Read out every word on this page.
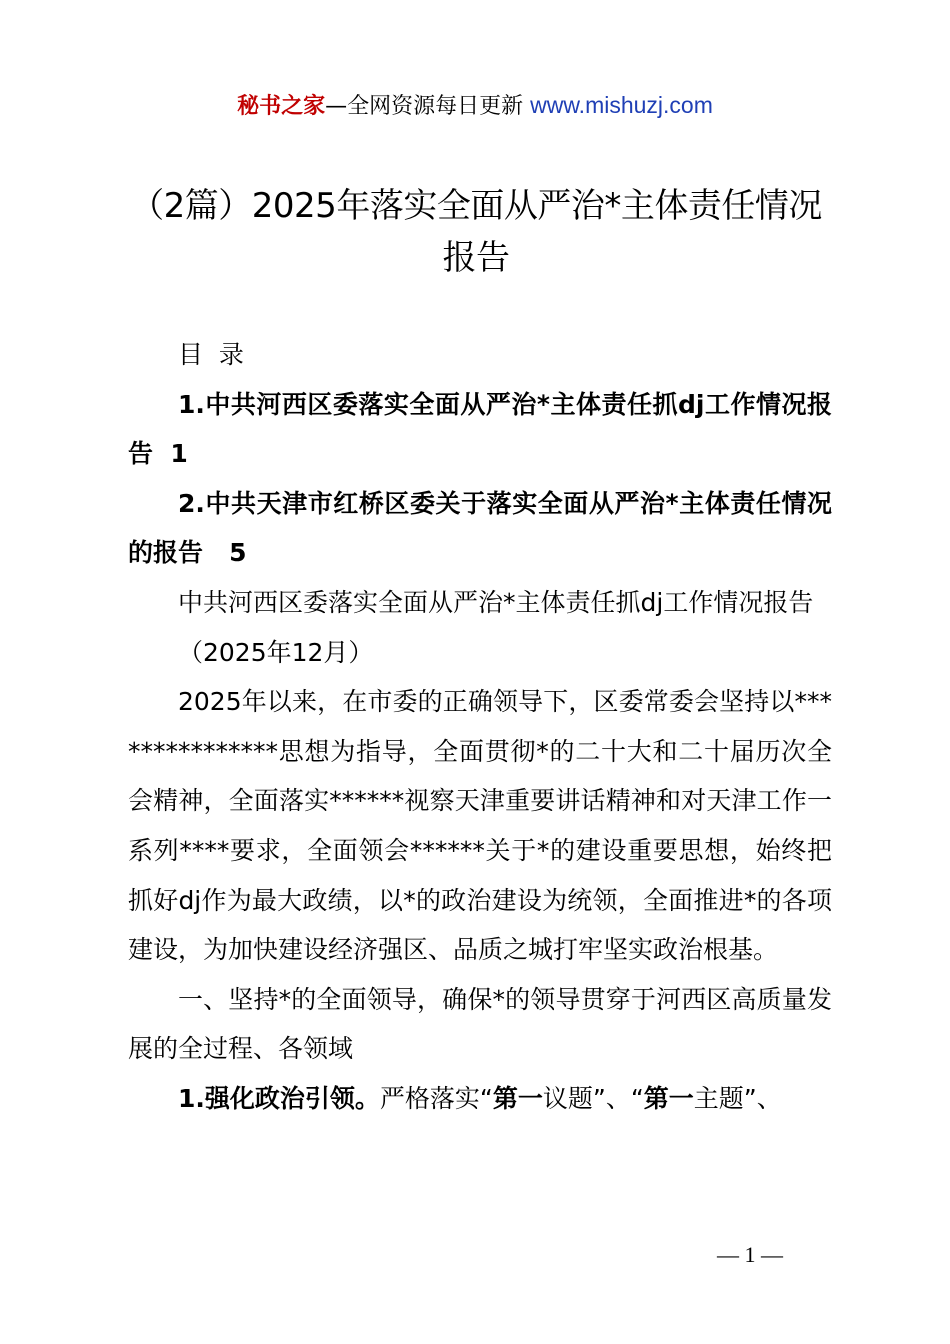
秘书之家—全网资源每日更新 www.mishuzj.com
（2篇）2025年落实全面从严治*主体责任情况报告

目  录

1.中共河西区委落实全面从严治*主体责任抓dj工作情况报告  1

2.中共天津市红桥区委关于落实全面从严治*主体责任情况的报告   5

中共河西区委落实全面从严治*主体责任抓dj工作情况报告

（2025年12月）

2025年以来，在市委的正确领导下，区委常委会坚持以***************思想为指导，全面贯彻*的二十大和二十届历次全会精神，全面落实******视察天津重要讲话精神和对天津工作一系列****要求，全面领会******关于*的建设重要思想，始终把抓好dj作为最大政绩，以*的政治建设为统领，全面推进*的各项建设，为加快建设经济强区、品质之城打牢坚实政治根基。

一、坚持*的全面领导，确保*的领导贯穿于河西区高质量发展的全过程、各领域

1.强化政治引领。严格落实“第一议题”、“第一主题”、

— 1 —
